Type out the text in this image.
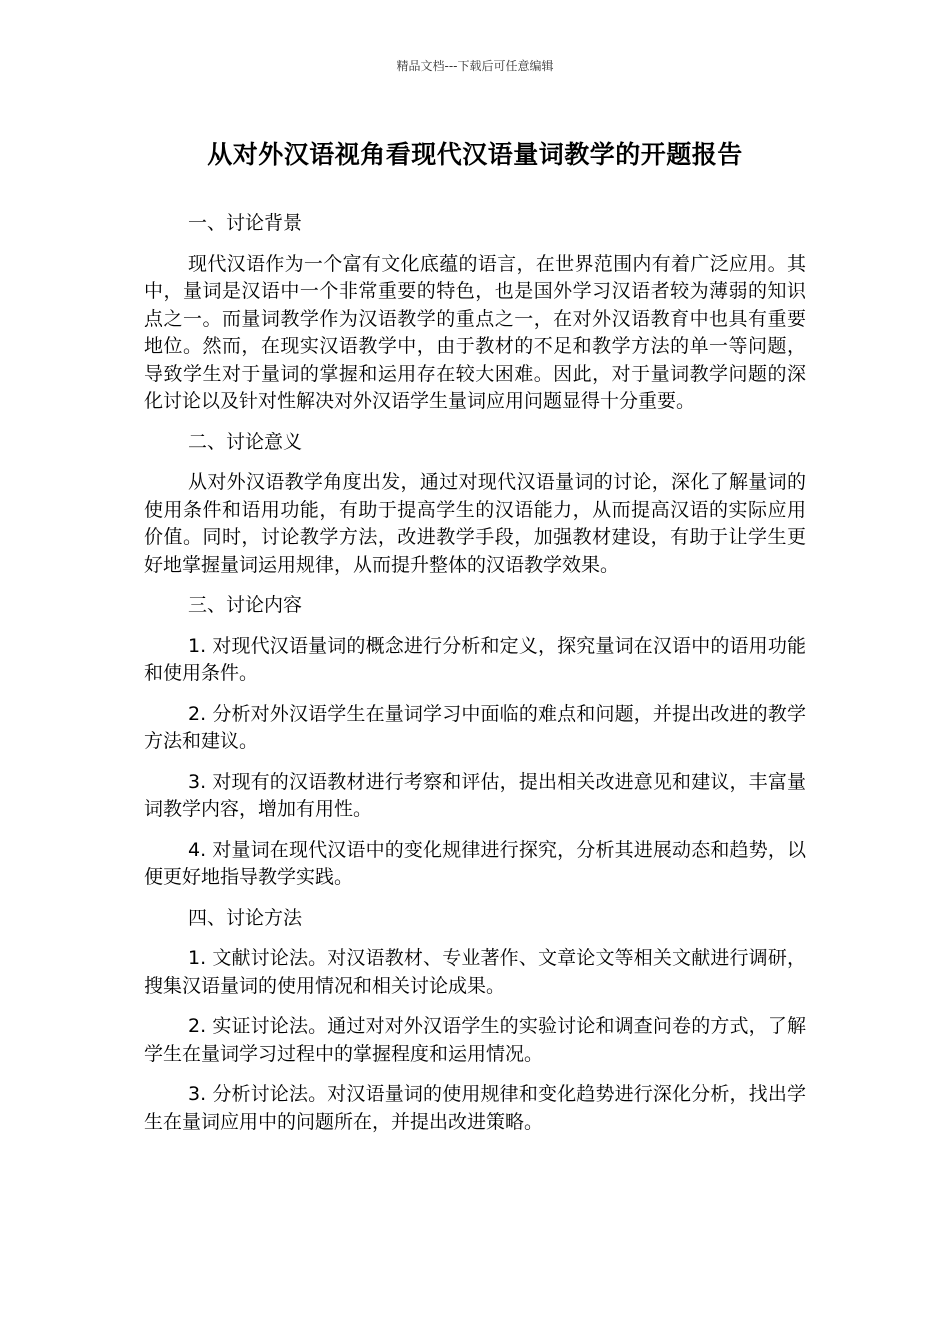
精品文档---下载后可任意编辑
从对外汉语视角看现代汉语量词教学的开题报告

一、讨论背景

现代汉语作为一个富有文化底蕴的语言，在世界范围内有着广泛应用。其中，量词是汉语中一个非常重要的特色，也是国外学习汉语者较为薄弱的知识点之一。而量词教学作为汉语教学的重点之一，在对外汉语教育中也具有重要地位。然而，在现实汉语教学中，由于教材的不足和教学方法的单一等问题，导致学生对于量词的掌握和运用存在较大困难。因此，对于量词教学问题的深化讨论以及针对性解决对外汉语学生量词应用问题显得十分重要。

二、讨论意义

从对外汉语教学角度出发，通过对现代汉语量词的讨论，深化了解量词的使用条件和语用功能，有助于提高学生的汉语能力，从而提高汉语的实际应用价值。同时，讨论教学方法，改进教学手段，加强教材建设，有助于让学生更好地掌握量词运用规律，从而提升整体的汉语教学效果。

三、讨论内容

1. 对现代汉语量词的概念进行分析和定义，探究量词在汉语中的语用功能和使用条件。

2. 分析对外汉语学生在量词学习中面临的难点和问题，并提出改进的教学方法和建议。

3. 对现有的汉语教材进行考察和评估，提出相关改进意见和建议，丰富量词教学内容，增加有用性。

4. 对量词在现代汉语中的变化规律进行探究，分析其进展动态和趋势，以便更好地指导教学实践。

四、讨论方法

1. 文献讨论法。对汉语教材、专业著作、文章论文等相关文献进行调研，搜集汉语量词的使用情况和相关讨论成果。

2. 实证讨论法。通过对对外汉语学生的实验讨论和调查问卷的方式，了解学生在量词学习过程中的掌握程度和运用情况。

3. 分析讨论法。对汉语量词的使用规律和变化趋势进行深化分析，找出学生在量词应用中的问题所在，并提出改进策略。
